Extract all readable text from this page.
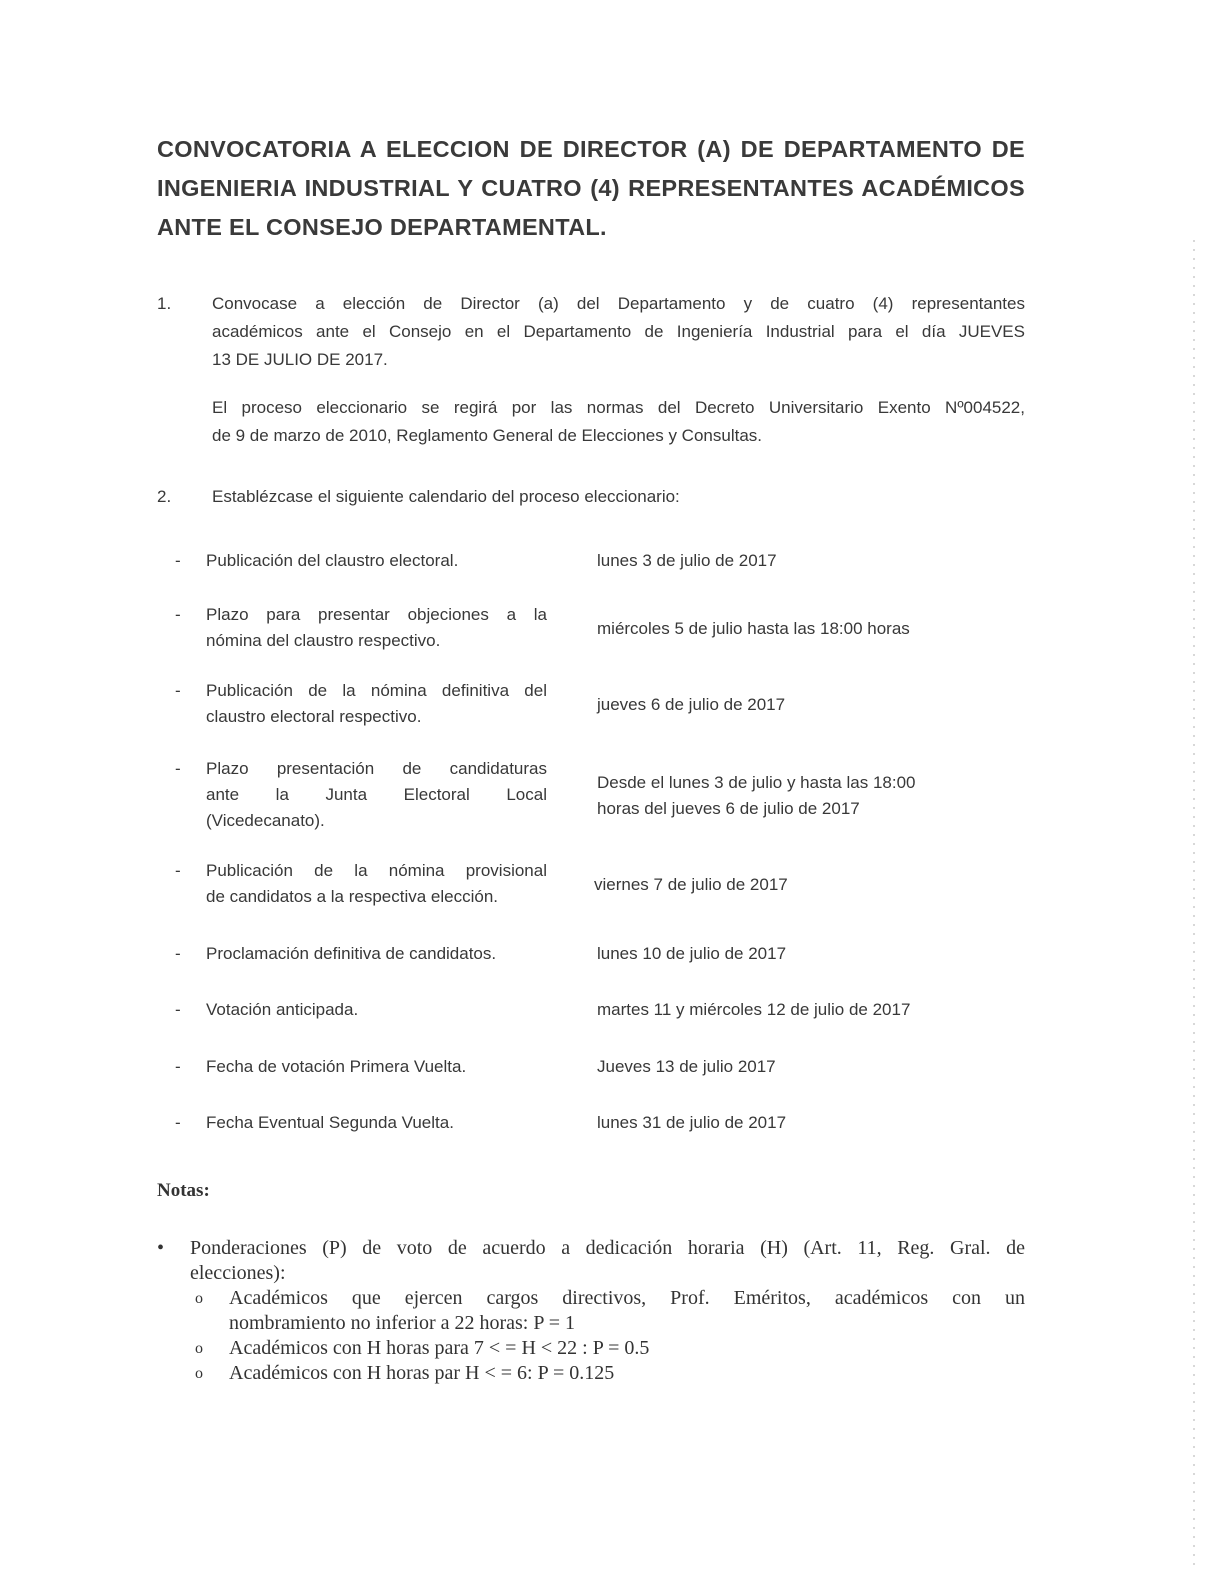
CONVOCATORIA A ELECCION DE DIRECTOR (A) DE DEPARTAMENTO DE
INGENIERIA INDUSTRIAL Y CUATRO (4) REPRESENTANTES ACADÉMICOS
ANTE EL CONSEJO DEPARTAMENTAL.
1. Convocase a elección de Director (a) del Departamento y de cuatro (4) representantes
académicos ante el Consejo en el Departamento de Ingeniería Industrial para el día JUEVES
13 DE JULIO DE 2017.

El proceso eleccionario se regirá por las normas del Decreto Universitario Exento Nº004522,
de 9 de marzo de 2010, Reglamento General de Elecciones y Consultas.

2. Establézcase el siguiente calendario del proceso eleccionario:

-	Publicación del claustro electoral.	lunes 3 de julio de 2017
-	Plazo para presentar objeciones a la
nómina del claustro respectivo.
miércoles 5 de julio hasta las 18:00 horas
-	Publicación de la nómina definitiva del
claustro electoral respectivo.
jueves 6 de julio de 2017
-	Plazo presentación de candidaturas
ante la Junta Electoral Local
(Vicedecanato).
Desde el lunes 3 de julio y hasta las 18:00
horas del jueves 6 de julio de 2017
-	Publicación de la nómina provisional
de candidatos a la respectiva elección.
viernes 7 de julio de 2017
-	Proclamación definitiva de candidatos.	lunes 10 de julio de 2017
-	Votación anticipada.	martes 11 y miércoles 12 de julio de 2017
-	Fecha de votación Primera Vuelta.	Jueves 13 de julio 2017
-	Fecha Eventual Segunda Vuelta.	lunes 31 de julio de 2017
Notas:
• Ponderaciones (P) de voto de acuerdo a dedicación horaria (H) (Art. 11, Reg. Gral. de
elecciones):
o Académicos que ejercen cargos directivos, Prof. Eméritos, académicos con un
nombramiento no inferior a 22 horas: P = 1
o Académicos con H horas para 7 < = H < 22 : P = 0.5
o Académicos con H horas par H < = 6: P = 0.125
